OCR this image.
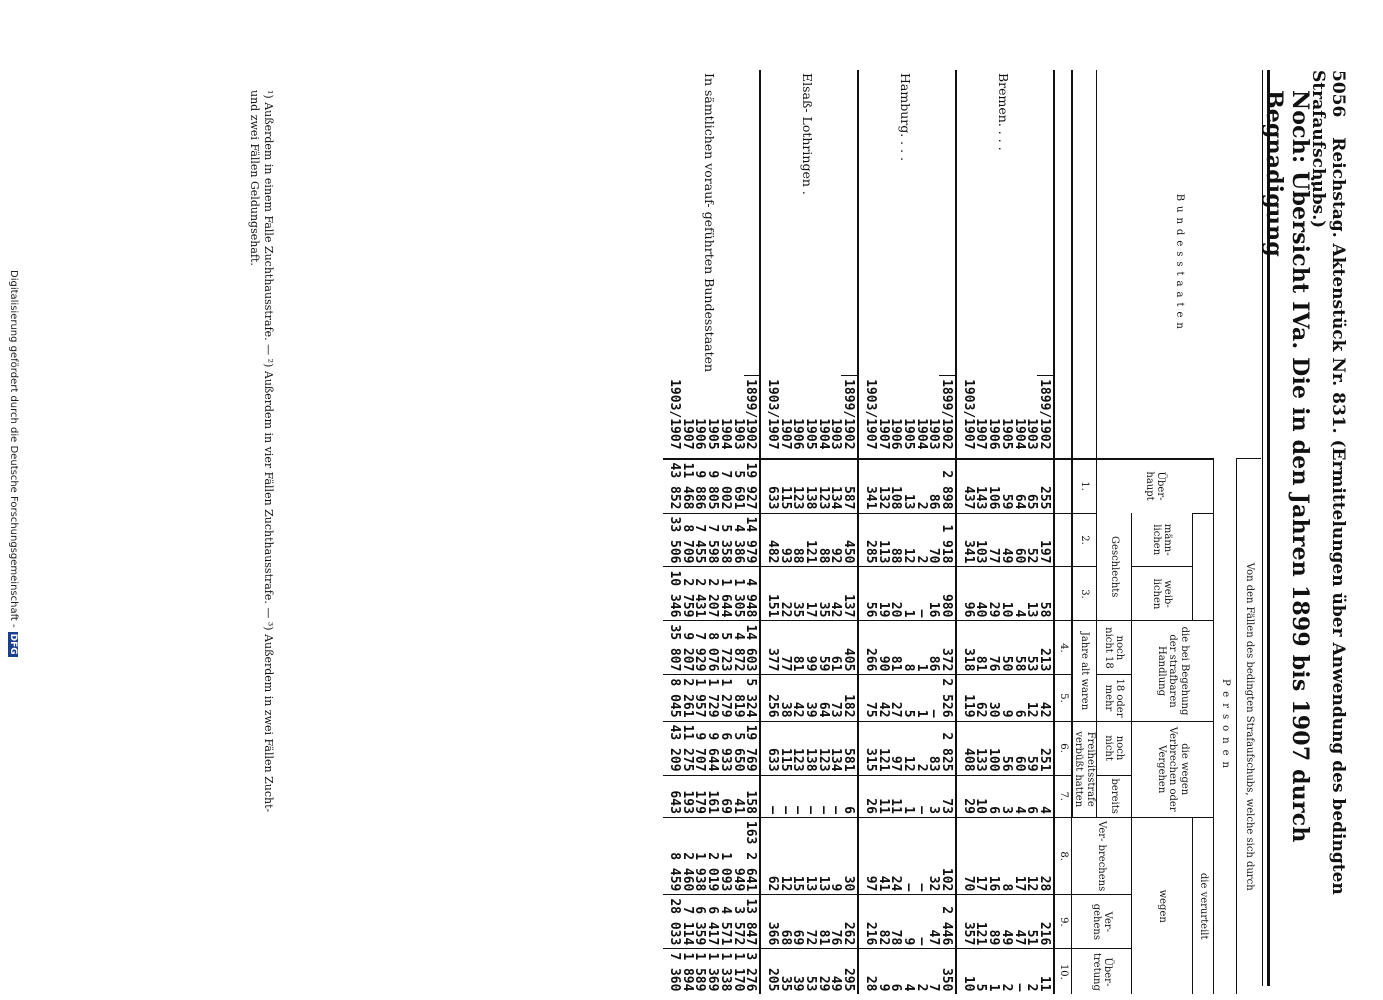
5056 Reichstag. Aktenstück Nr. 831. (Ermittelungen über Anwendung des bedingten Strafaufschubs.)
Noch: Übersicht IVa. Die in den Jahren 1899 bis 1907 durch Begnadigung
Bundesstaaten		Von den Fällen des bedingten Strafaufschubs, welche sich durch									
		Personen									
		Über- haupt			die bei Begehung der strafbaren Handlung		die wegen Verbrechen oder Vergehen		die verurteilt		
			männ- lichen	weib- lichen					wegen		
			Geschlechts		noch nicht 18	18 oder mehr	noch nicht	bereits	Ver- brechens	Ver- gehens	Über- tretung
		1.	2.	3.	Jahre alt waren		Freiheitsstrafe verbüßt hatten				
					4.	5.	6.	7.	8.	9.	10.
Bremen. . . .	1899/1902	255	197	58	213	42	251	4	28	216	11
	1903	65	52	13	53	12	59	6	12	51	2
	1904	64	60	4	58	6	60	4	17	47	—
	1905	59	49	10	50	9	56	3	8	49	2
	1906	106	77	29	76	30	100	6	16	89	1
	1907	143	103	40	81	62	133	10	17	121	5
	1903/1907	437	341	96	318	119	408	29	70	357	10
Hamburg. . . .	1899/1902	2 898	1 918	980	372	2 526	2 825	73	102	2 446	350
	1903	86	70	16	86	—	83	3	32	47	7
	1904	2	2	—	1	1	2	—	—	—	2
	1905	13	12	1	8	5	12	1	—	9	4
	1906	108	88	20	81	27	97	11	24	78	6
	1907	132	113	19	90	42	121	11	41	82	9
	1903/1907	341	285	56	266	75	315	26	97	216	28
Elsaß- Lothringen .	1899/1902	587	450	137	405	182	581	6	30	262	295
	1903	134	92	42	61	73	134	—	9	76	49
	1904	123	88	35	59	64	123	—	13	81	29
	1905	138	121	17	99	39	138	—	13	72	53
	1906	123	88	35	81	42	123	—	15	69	39
	1907	115	93	22	77	38	115	—	12	68	35
	1903/1907	633	482	151	377	256	633	—	62	366	205
In sämtlichen vorauf- geführten Bundesstaaten	1899/1902	19 927	14 979	4 948	14 603	5 324	19 769	158	163 2 641	13 847	3 276
	1903	5 691	4 386	1 305	4 872	819	5 650	41	949	3 572	1 170
	1904	7 002	5 358	1 644	5 723	1 279	6 933	69	1 093	4 571	1 338
	1905	9 805	7 598	2 207	8 076	1 729	9 644	161	2 019	6 417	1 369
	1906	9 886	7 455	2 431	7 929	1 957	9 707	179	1 938	6 359	1 589
	1907	11 468	8 709	2 759	9 207	2 261	11 275	193	2 460	7 114	1 894
	1903/1907	43 852	33 506	10 346	35 807	8 045	43 209	643	8 459	28 033	7 360
¹) Außerdem in einem Falle Zuchthausstrafe. — ²) Außerdem in vier Fällen Zuchthausstrafe. — ³) Außerdem in zwei Fällen Zucht-
und zwei Fällen Geldungsehaft.
Digitalisierung gefördert durch die Deutsche Forschungsgemeinschaft -DFG
